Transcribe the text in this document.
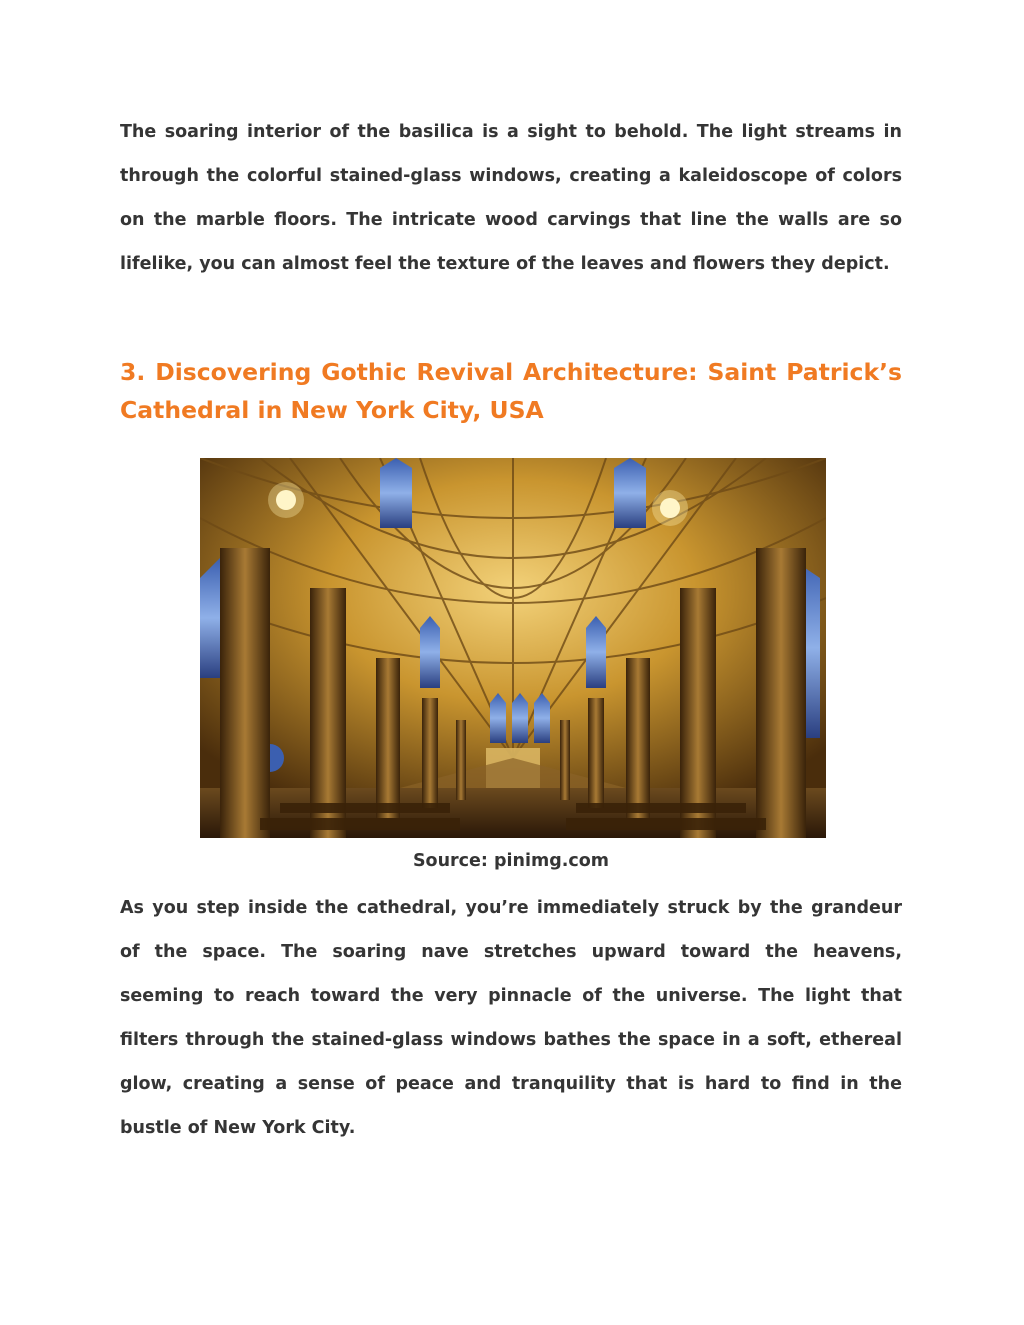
The soaring interior of the basilica is a sight to behold. The light streams in through the colorful stained-glass windows, creating a kaleidoscope of colors on the marble floors. The intricate wood carvings that line the walls are so lifelike, you can almost feel the texture of the leaves and flowers they depict.

3. Discovering Gothic Revival Architecture: Saint Patrick’s Cathedral in New York City, USA
Source: pinimg.com

As you step inside the cathedral, you’re immediately struck by the grandeur of the space. The soaring nave stretches upward toward the heavens, seeming to reach toward the very pinnacle of the universe. The light that filters through the stained-glass windows bathes the space in a soft, ethereal glow, creating a sense of peace and tranquility that is hard to find in the bustle of New York City.
